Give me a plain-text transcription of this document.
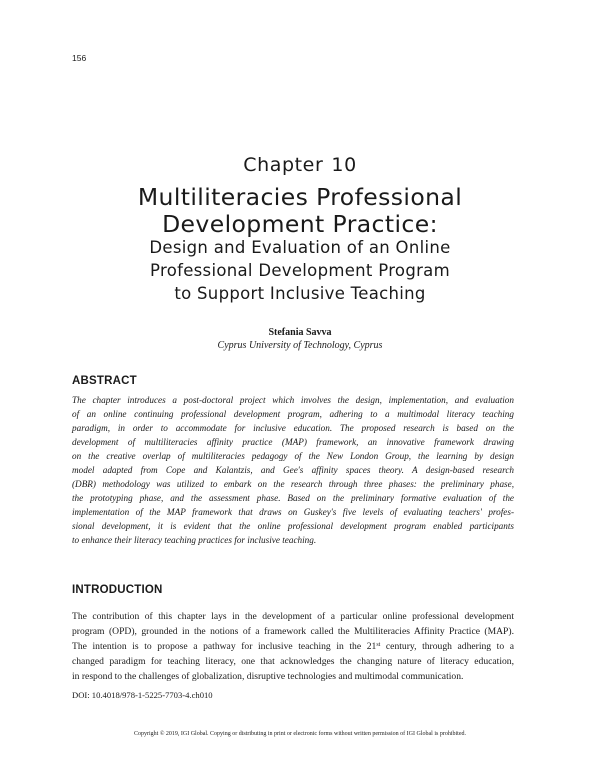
156
Chapter 10
Multiliteracies Professional
Development Practice:
Design and Evaluation of an Online
Professional Development Program
to Support Inclusive Teaching
Stefania Savva
Cyprus University of Technology, Cyprus
ABSTRACT
The chapter introduces a post-doctoral project which involves the design, implementation, and evaluation
of an online continuing professional development program, adhering to a multimodal literacy teaching
paradigm, in order to accommodate for inclusive education. The proposed research is based on the
development of multiliteracies affinity practice (MAP) framework, an innovative framework drawing
on the creative overlap of multiliteracies pedagogy of the New London Group, the learning by design
model adapted from Cope and Kalantzis, and Gee's affinity spaces theory. A design-based research
(DBR) methodology was utilized to embark on the research through three phases: the preliminary phase,
the prototyping phase, and the assessment phase. Based on the preliminary formative evaluation of the
implementation of the MAP framework that draws on Guskey's five levels of evaluating teachers' profes-
sional development, it is evident that the online professional development program enabled participants
to enhance their literacy teaching practices for inclusive teaching.
INTRODUCTION
The contribution of this chapter lays in the development of a particular online professional development
program (OPD), grounded in the notions of a framework called the Multiliteracies Affinity Practice (MAP).
The intention is to propose a pathway for inclusive teaching in the 21st century, through adhering to a
changed paradigm for teaching literacy, one that acknowledges the changing nature of literacy education,
in respond to the challenges of globalization, disruptive technologies and multimodal communication.
DOI: 10.4018/978-1-5225-7703-4.ch010
Copyright © 2019, IGI Global. Copying or distributing in print or electronic forms without written permission of IGI Global is prohibited.
